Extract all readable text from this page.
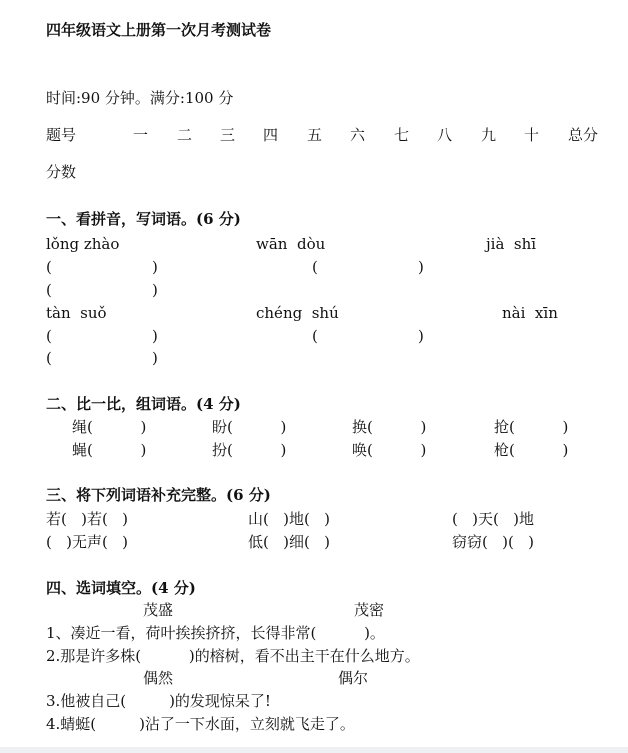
四年级语文上册第一次月考测试卷
时间:90 分钟。满分:100 分
题号	一 二 三 四 五 六 七 八 九 十 总分
分数
一、看拼音，写词语。(6 分)
lǒng zhào	wān  dòu	jià  shī
(                     )	(                     )
(                     )
tàn  suǒ	chéng  shú	nài  xīn
(                     )	(                     )
(                     )
二、比一比，组词语。(4 分)
绳(          )	盼(          )	换(          )	抢(          )
蝇(          )	扮(          )	唤(          )	枪(          )
三、将下列词语补充完整。(6 分)
若(   )若(   )	山(   )地(   )	(   )天(   )地
(   )无声(   )	低(   )细(   )	窃窃(   )(   )
四、选词填空。(4 分)
茂盛	茂密
1、凑近一看，荷叶挨挨挤挤，长得非常(          )。
2.那是许多株(          )的榕树，看不出主干在什么地方。
偶然	偶尔
3.他被自己(         )的发现惊呆了!
4.蜻蜓(         )沾了一下水面，立刻就飞走了。
